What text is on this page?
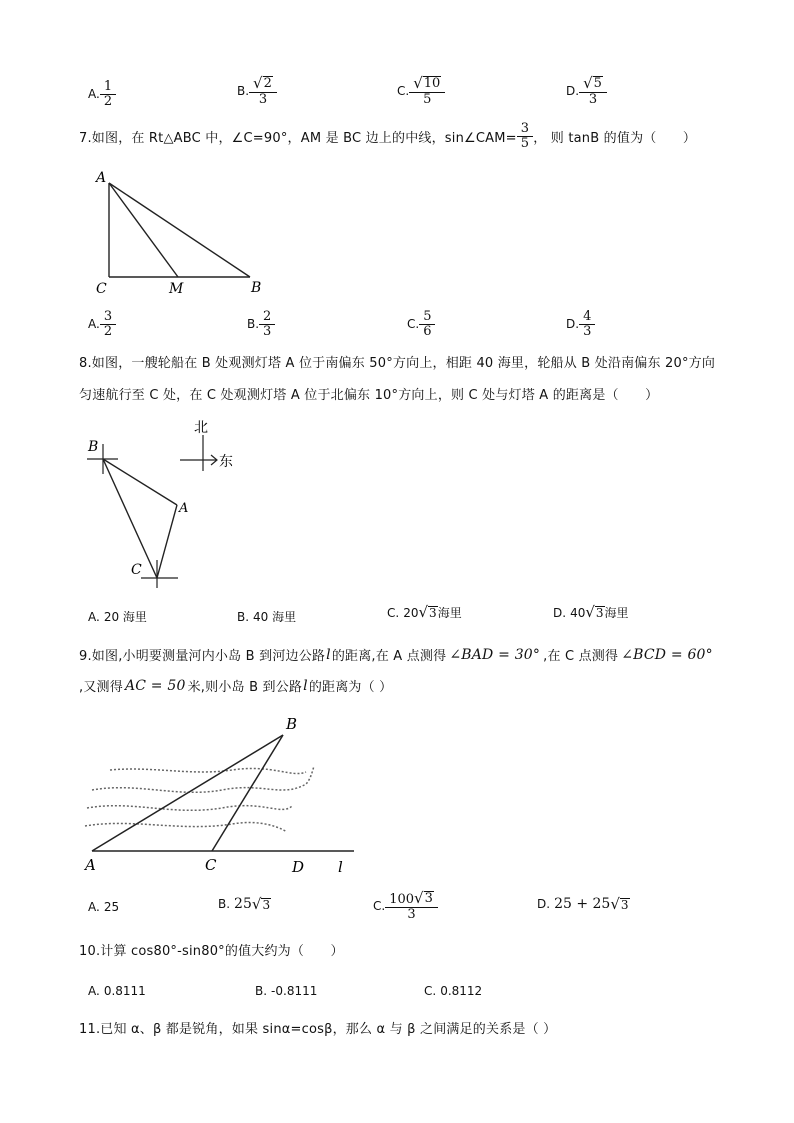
A. $\frac{1}{2}$	B. $\frac{√ 2}{3}$	C. $\frac{√ 10}{5}$	D. $\frac{√ 5}{3}$
7.如图，在 Rt△ABC 中，∠C=90°，AM 是 BC 边上的中线，sin∠CAM= $\frac{3}{5}$ ， 则 tanB 的值为（　　）
A
C	M	B
A. $\frac{3}{2}$	B. $\frac{2}{3}$	C. $\frac{5}{6}$	D. $\frac{4}{3}$
8.如图，一艘轮船在 B 处观测灯塔 A 位于南偏东 50°方向上，相距 40 海里，轮船从 B 处沿南偏东 20°方向
匀速航行至 C 处，在 C 处观测灯塔 A 位于北偏东 10°方向上，则 C 处与灯塔 A 的距离是（　　）
B
A
C
北
东
A. 20 海里	B. 40 海里	C. 20 √ 3 海里	D. 40 √ 3 海里
9.如图,小明要测量河内小岛 B 到河边公路 l 的距离,在 A 点测得 ∠BAD = 30° ,在 C 点测得 ∠BCD = 60°
,又测得 AC = 50 米,则小岛 B 到公路 l 的距离为（ ）
B
A	C	D l
A. 25	B. 25 √ 3	C. $\frac{100 √ 3}{3}$	D. 25 + 25 √ 3
10.计算 cos80°-sin80°的值大约为（　　）
A. 0.8111	B. -0.8111	C. 0.8112
11.已知 α、β 都是锐角，如果 sinα=cosβ，那么 α 与 β 之间满足的关系是（ ）
